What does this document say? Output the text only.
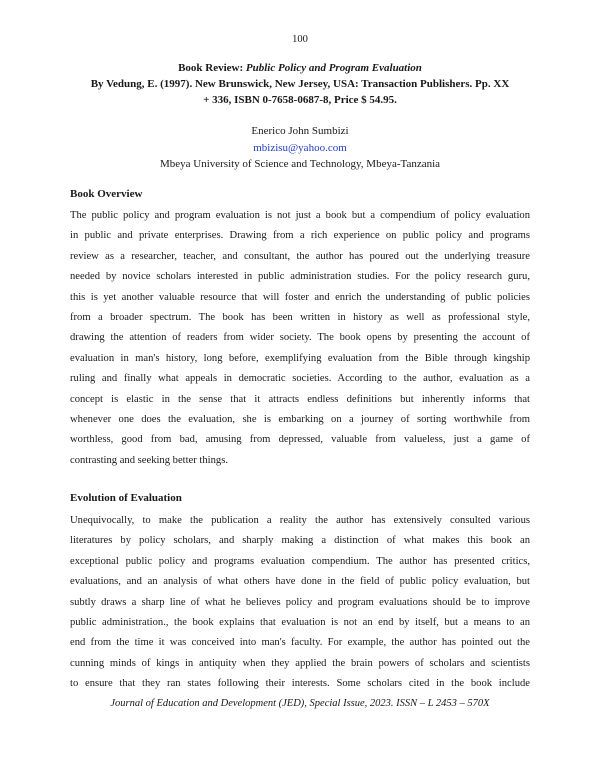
100
Book Review: Public Policy and Program Evaluation
By Vedung, E. (1997). New Brunswick, New Jersey, USA: Transaction Publishers. Pp. XX
+ 336, ISBN 0-7658-0687-8, Price $ 54.95.
Enerico John Sumbizi
mbizisu@yahoo.com
Mbeya University of Science and Technology, Mbeya-Tanzania
Book Overview
The public policy and program evaluation is not just a book but a compendium of policy evaluation
in public and private enterprises. Drawing from a rich experience on public policy and programs
review as a researcher, teacher, and consultant, the author has poured out the underlying treasure
needed by novice scholars interested in public administration studies. For the policy research guru,
this is yet another valuable resource that will foster and enrich the understanding of public policies
from a broader spectrum. The book has been written in history as well as professional style,
drawing the attention of readers from wider society. The book opens by presenting the account of
evaluation in man's history, long before, exemplifying evaluation from the Bible through kingship
ruling and finally what appeals in democratic societies. According to the author, evaluation as a
concept is elastic in the sense that it attracts endless definitions but inherently informs that
whenever one does the evaluation, she is embarking on a journey of sorting worthwhile from
worthless, good from bad, amusing from depressed, valuable from valueless, just a game of
contrasting and seeking better things.
Evolution of Evaluation
Unequivocally, to make the publication a reality the author has extensively consulted various
literatures by policy scholars, and sharply making a distinction of what makes this book an
exceptional public policy and programs evaluation compendium. The author has presented critics,
evaluations, and an analysis of what others have done in the field of public policy evaluation, but
subtly draws a sharp line of what he believes policy and program evaluations should be to improve
public administration., the book explains that evaluation is not an end by itself, but a means to an
end from the time it was conceived into man's faculty. For example, the author has pointed out the
cunning minds of kings in antiquity when they applied the brain powers of scholars and scientists
to ensure that they ran states following their interests. Some scholars cited in the book include
Journal of Education and Development (JED), Special Issue, 2023. ISSN – L 2453 – 570X
